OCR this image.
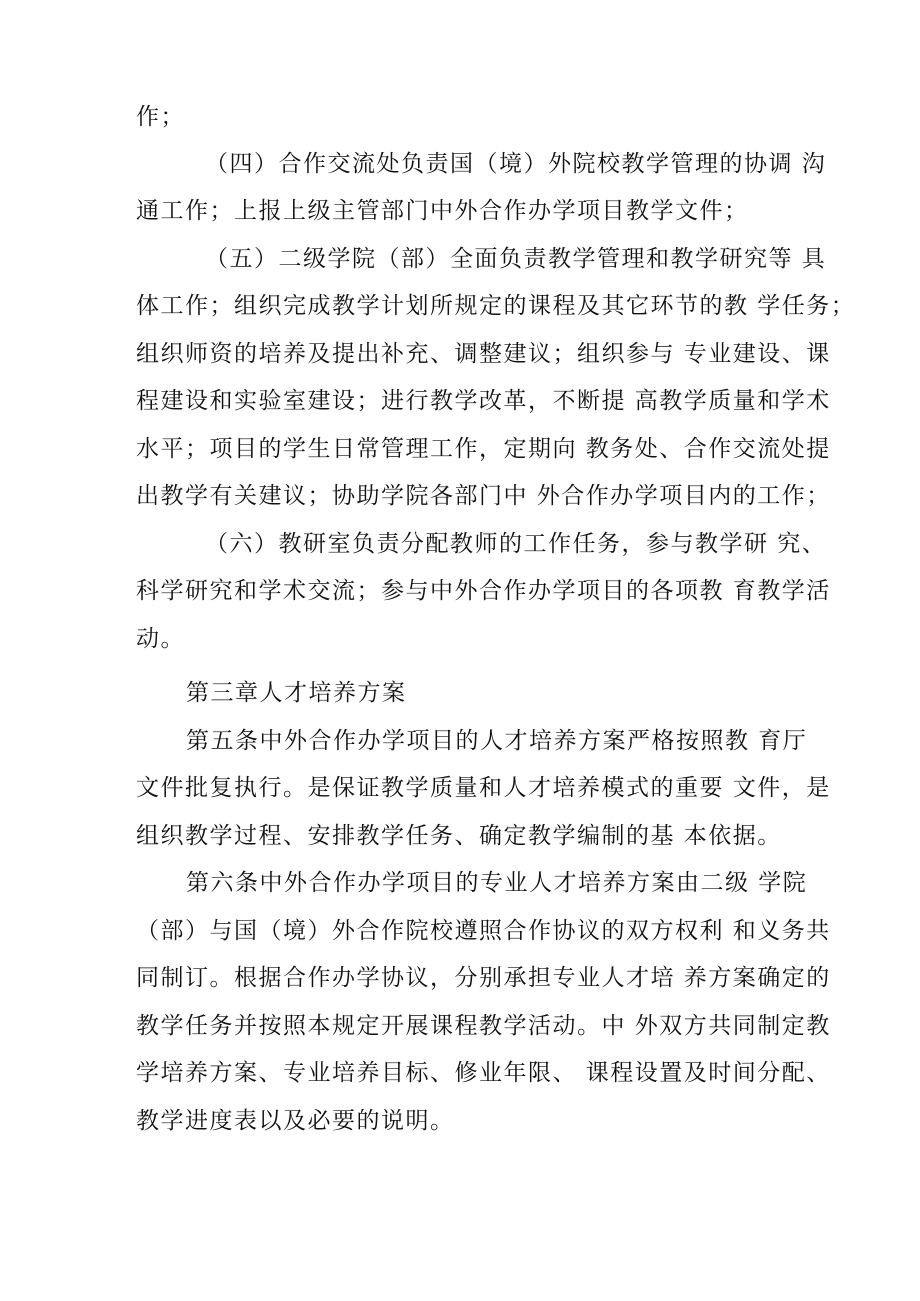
作；
（四）合作交流处负责国（境）外院校教学管理的协调 沟
通工作；上报上级主管部门中外合作办学项目教学文件；
（五）二级学院（部）全面负责教学管理和教学研究等 具
体工作；组织完成教学计划所规定的课程及其它环节的教 学任务；
组织师资的培养及提出补充、调整建议；组织参与 专业建设、课
程建设和实验室建设；进行教学改革，不断提 高教学质量和学术
水平；项目的学生日常管理工作，定期向 教务处、合作交流处提
出教学有关建议；协助学院各部门中 外合作办学项目内的工作；
（六）教研室负责分配教师的工作任务，参与教学研 究、
科学研究和学术交流；参与中外合作办学项目的各项教 育教学活
动。
第三章人才培养方案
第五条中外合作办学项目的人才培养方案严格按照教 育厅
文件批复执行。是保证教学质量和人才培养模式的重要 文件，是
组织教学过程、安排教学任务、确定教学编制的基 本依据。
第六条中外合作办学项目的专业人才培养方案由二级 学院
（部）与国（境）外合作院校遵照合作协议的双方权利 和义务共
同制订。根据合作办学协议，分别承担专业人才培 养方案确定的
教学任务并按照本规定开展课程教学活动。中 外双方共同制定教
学培养方案、专业培养目标、修业年限、 课程设置及时间分配、
教学进度表以及必要的说明。
